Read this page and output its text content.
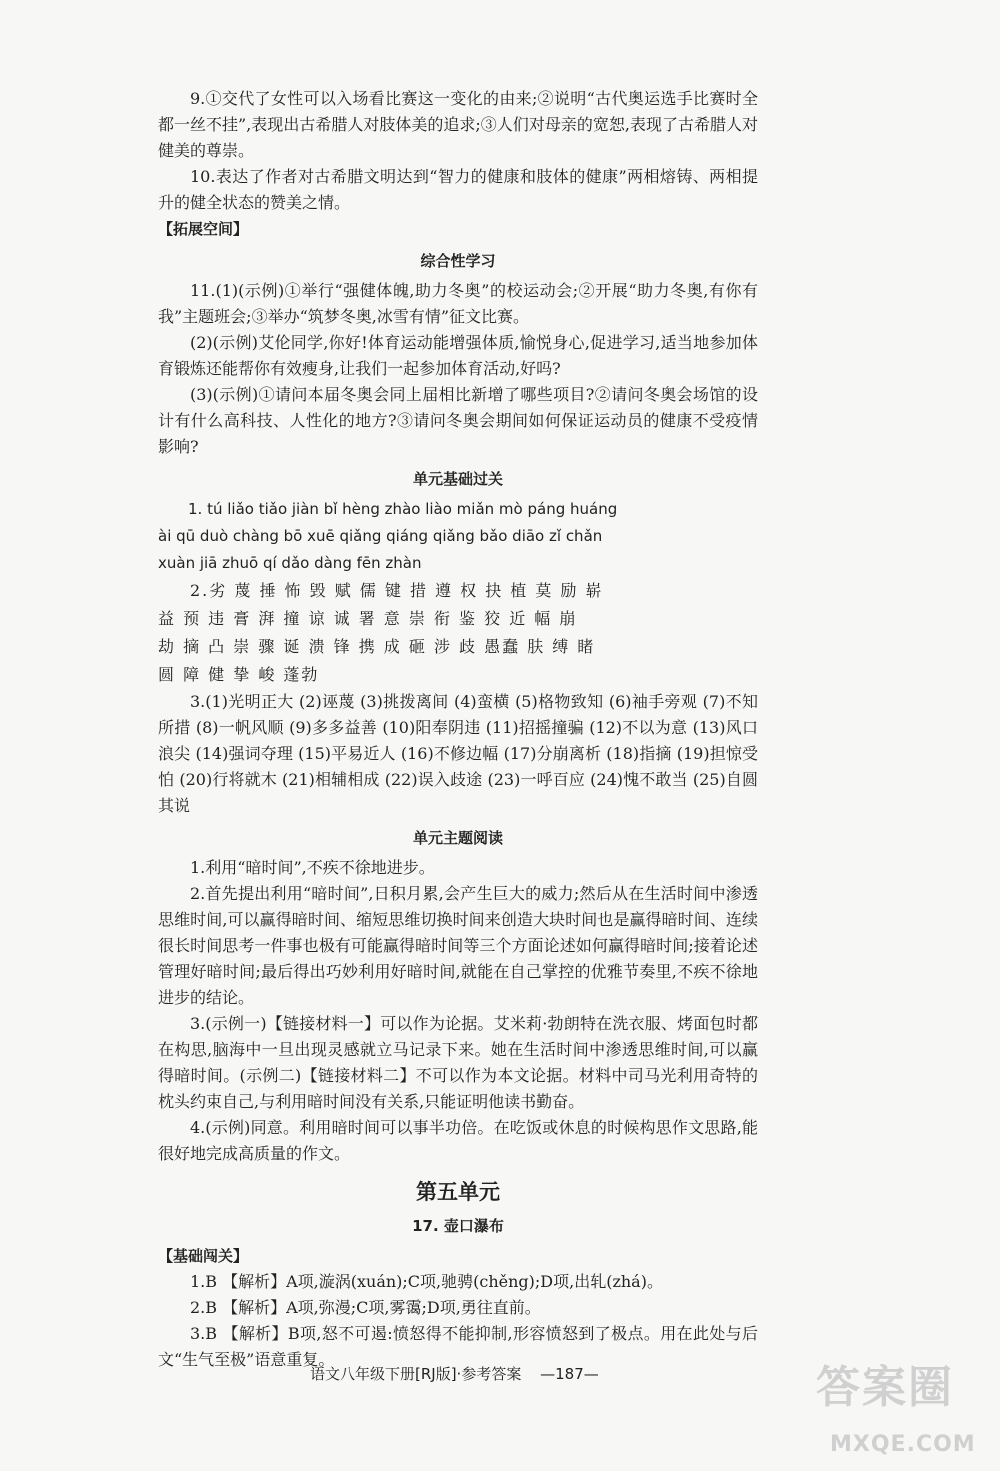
9.①交代了女性可以入场看比赛这一变化的由来;②说明“古代奥运选手比赛时全都一丝不挂”,表现出古希腊人对肢体美的追求;③人们对母亲的宽恕,表现了古希腊人对健美的尊崇。

10.表达了作者对古希腊文明达到“智力的健康和肢体的健康”两相熔铸、两相提升的健全状态的赞美之情。

【拓展空间】

综合性学习

11.(1)(示例)①举行“强健体魄,助力冬奥”的校运动会;②开展“助力冬奥,有你有我”主题班会;③举办“筑梦冬奥,冰雪有情”征文比赛。

(2)(示例)艾伦同学,你好!体育运动能增强体质,愉悦身心,促进学习,适当地参加体育锻炼还能帮你有效瘦身,让我们一起参加体育活动,好吗?

(3)(示例)①请问本届冬奥会同上届相比新增了哪些项目?②请问冬奥会场馆的设计有什么高科技、人性化的地方?③请问冬奥会期间如何保证运动员的健康不受疫情影响?

单元基础过关

1. tú liǎo tiǎo jiàn bǐ hèng zhào liào miǎn mò páng huáng

ài qū duò chàng bō xuē qiǎng qiáng qiǎng bǎo diāo zǐ chǎn

xuàn jiā zhuō qí dǎo dàng fēn zhàn

2.劣 蔑 捶 怖 毁 赋 儒 键 措 遵 权 抉 植 莫 励 崭

益 预 违 膏 湃 撞 谅 诚 署 意 崇 衔 鉴 狡 近 幅 崩

劫 摘 凸 崇 骤 诞 溃 锋 携 成 砸 涉 歧 愚蠢 肤 缚 睹

圆 障 健 挚 峻 蓬勃

3.(1)光明正大 (2)诬蔑 (3)挑拨离间 (4)蛮横 (5)格物致知 (6)袖手旁观 (7)不知所措 (8)一帆风顺 (9)多多益善 (10)阳奉阴违 (11)招摇撞骗 (12)不以为意 (13)风口浪尖 (14)强词夺理 (15)平易近人 (16)不修边幅 (17)分崩离析 (18)指摘 (19)担惊受怕 (20)行将就木 (21)相辅相成 (22)误入歧途 (23)一呼百应 (24)愧不敢当 (25)自圆其说

单元主题阅读

1.利用“暗时间”,不疾不徐地进步。

2.首先提出利用“暗时间”,日积月累,会产生巨大的威力;然后从在生活时间中渗透思维时间,可以赢得暗时间、缩短思维切换时间来创造大块时间也是赢得暗时间、连续很长时间思考一件事也极有可能赢得暗时间等三个方面论述如何赢得暗时间;接着论述管理好暗时间;最后得出巧妙利用好暗时间,就能在自己掌控的优雅节奏里,不疾不徐地进步的结论。

3.(示例一)【链接材料一】可以作为论据。艾米莉·勃朗特在洗衣服、烤面包时都在构思,脑海中一旦出现灵感就立马记录下来。她在生活时间中渗透思维时间,可以赢得暗时间。(示例二)【链接材料二】不可以作为本文论据。材料中司马光利用奇特的枕头约束自己,与利用暗时间没有关系,只能证明他读书勤奋。

4.(示例)同意。利用暗时间可以事半功倍。在吃饭或休息的时候构思作文思路,能很好地完成高质量的作文。

第五单元

17. 壶口瀑布

【基础闯关】

1.B 【解析】A项,漩涡(xuán);C项,驰骋(chěng);D项,出轧(zhá)。

2.B 【解析】A项,弥漫;C项,雾霭;D项,勇往直前。

3.B 【解析】B项,怒不可遏:愤怒得不能抑制,形容愤怒到了极点。用在此处与后文“生气至极”语意重复。

语文八年级下册[RJ版]·参考答案 —187—	答案圈
MXQE.COM
